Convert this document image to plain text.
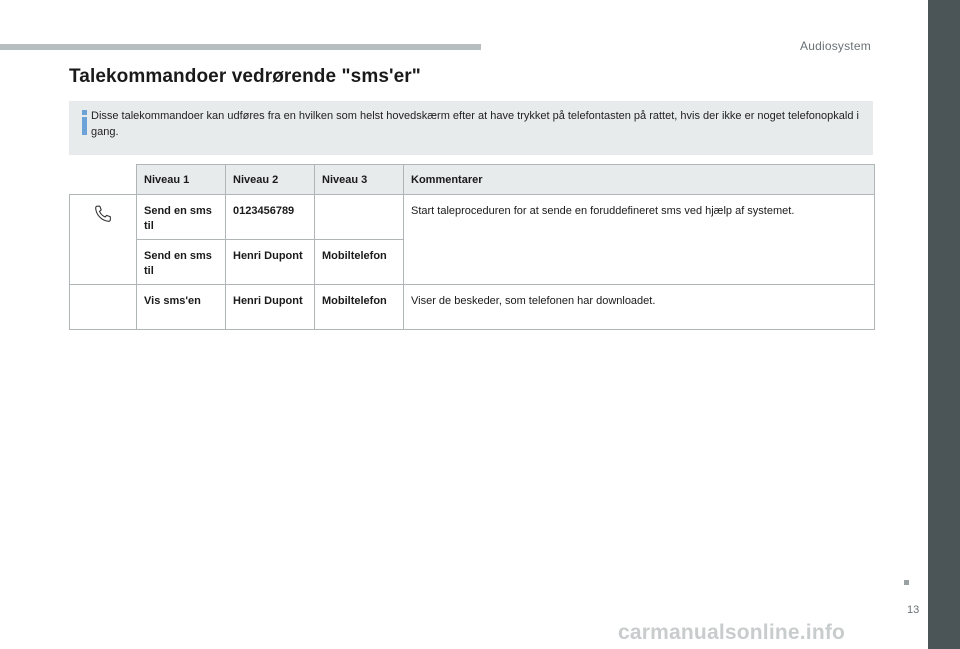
Audiosystem
Talekommandoer vedrørende "sms'er"
Disse talekommandoer kan udføres fra en hvilken som helst hovedskærm efter at have trykket på telefontasten på rattet, hvis der ikke er noget telefonopkald i gang.
	Niveau 1	Niveau 2	Niveau 3	Kommentarer

	Send en sms til	0123456789		Start taleproceduren for at sende en foruddefineret sms ved hjælp af systemet.
	Send en sms til	Henri Dupont	Mobiltelefon	
	Vis sms'en	Henri Dupont	Mobiltelefon	Viser de beskeder, som telefonen har downloadet.
13
carmanualsonline.info
